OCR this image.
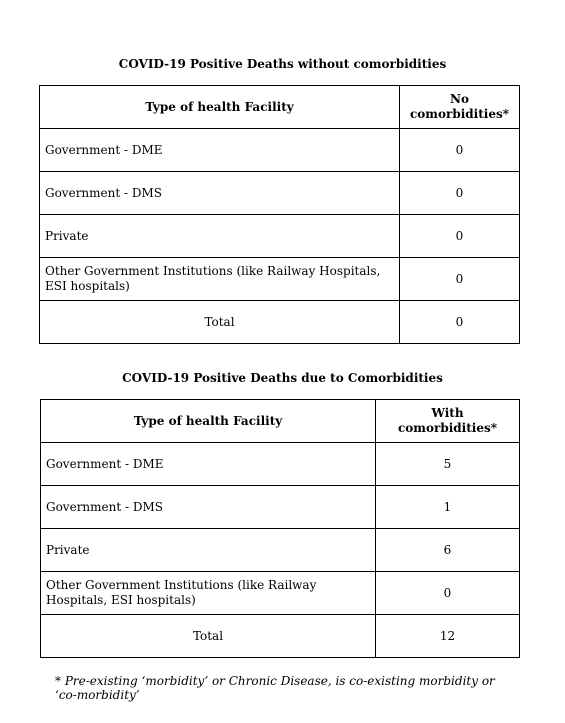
COVID-19 Positive Deaths without comorbidities
Type of health Facility	No comorbidities*
Government - DME	0
Government - DMS	0
Private	0
Other Government Institutions (like Railway Hospitals, ESI hospitals)	0
Total	0
COVID-19 Positive Deaths due to Comorbidities
Type of health Facility	With comorbidities*
Government - DME	5
Government - DMS	1
Private	6
Other Government Institutions (like Railway Hospitals, ESI hospitals)	0
Total	12
* Pre-existing ‘morbidity’ or Chronic Disease, is co-existing morbidity or ‘co-morbidity’
